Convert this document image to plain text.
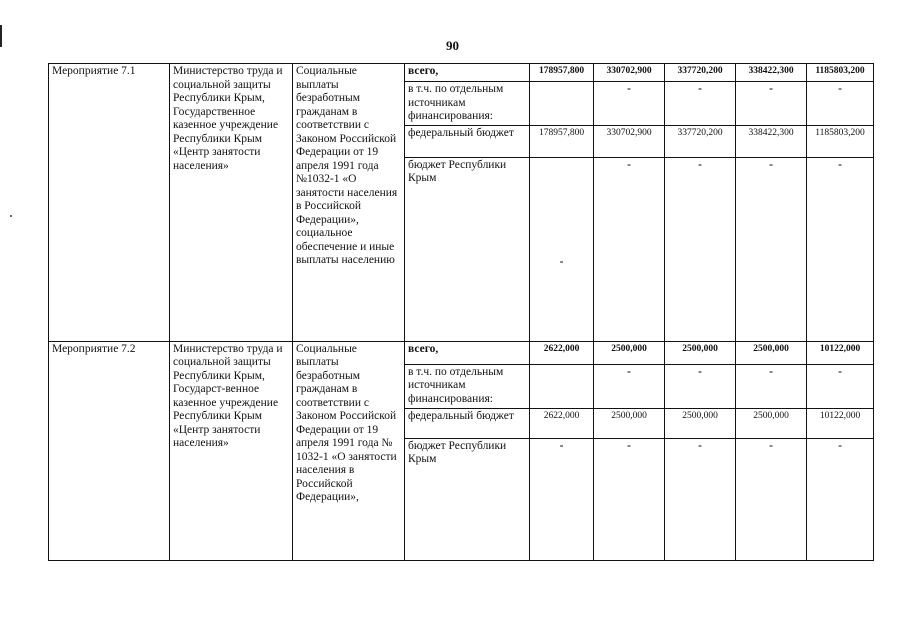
90
Мероприятие 7.1	Министерство труда и социальной защиты Республики Крым, Государственное казенное учреждение Республики Крым «Центр занятости населения»	Социальные выплаты безработным гражданам в соответствии с Законом Российской Федерации от 19 апреля 1991 года №1032-1 «О занятости населения в Российской Федерации», социальное обеспечение и иные выплаты населению	всего,	178957,800	330702,900	337720,200	338422,300	1185803,200
			в т.ч. по отдельным источникам финансирования:		-	-	-	-
			федеральный бюджет	178957,800	330702,900	337720,200	338422,300	1185803,200
			бюджет Республики Крым	-	-	-	-	-
Мероприятие 7.2	Министерство труда и социальной защиты Республики Крым, Государст-венное казенное учреждение Республики Крым «Центр занятости населения»	Социальные выплаты безработным гражданам в соответствии с Законом Российской Федерации от 19 апреля 1991 года № 1032-1 «О занятости населения в Российской Федерации»,	всего,	2622,000	2500,000	2500,000	2500,000	10122,000
			в т.ч. по отдельным источникам финансирования:		-	-	-	-
			федеральный бюджет	2622,000	2500,000	2500,000	2500,000	10122,000
			бюджет Республики Крым	-	-	-	-	-
